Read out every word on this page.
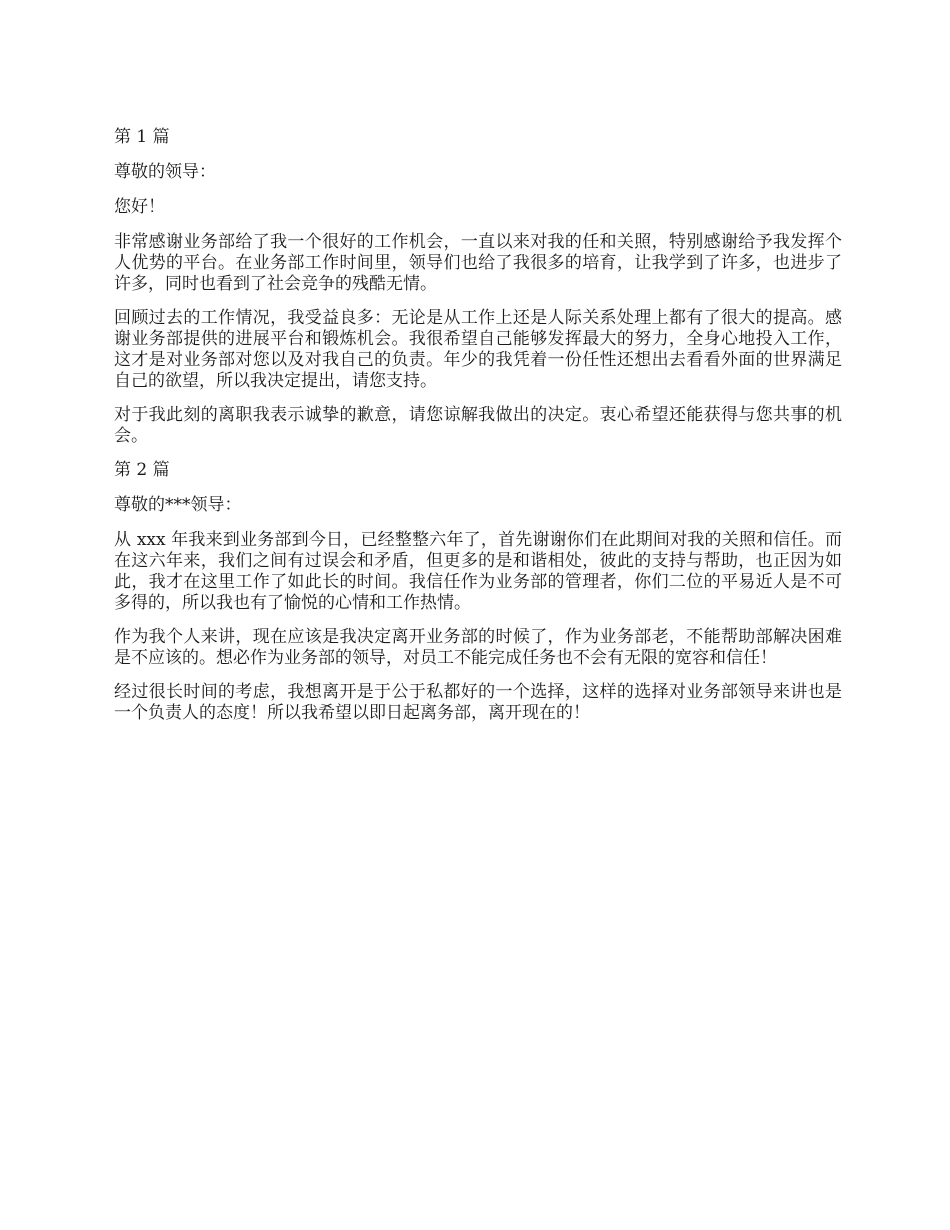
第 1 篇

尊敬的领导：

您好！

非常感谢业务部给了我一个很好的工作机会，一直以来对我的任和关照，特别感谢给予我发挥个人优势的平台。在业务部工作时间里，领导们也给了我很多的培育，让我学到了许多，也进步了许多，同时也看到了社会竞争的残酷无情。

回顾过去的工作情况，我受益良多：无论是从工作上还是人际关系处理上都有了很大的提高。感谢业务部提供的进展平台和锻炼机会。我很希望自己能够发挥最大的努力，全身心地投入工作，这才是对业务部对您以及对我自己的负责。年少的我凭着一份任性还想出去看看外面的世界满足自己的欲望，所以我决定提出，请您支持。

对于我此刻的离职我表示诚挚的歉意，请您谅解我做出的决定。衷心希望还能获得与您共事的机会。

第 2 篇

尊敬的***领导：

从 xxx 年我来到业务部到今日，已经整整六年了，首先谢谢你们在此期间对我的关照和信任。而在这六年来，我们之间有过误会和矛盾，但更多的是和谐相处，彼此的支持与帮助，也正因为如此，我才在这里工作了如此长的时间。我信任作为业务部的管理者，你们二位的平易近人是不可多得的，所以我也有了愉悦的心情和工作热情。

作为我个人来讲，现在应该是我决定离开业务部的时候了，作为业务部老，不能帮助部解决困难是不应该的。想必作为业务部的领导，对员工不能完成任务也不会有无限的宽容和信任！

经过很长时间的考虑，我想离开是于公于私都好的一个选择，这样的选择对业务部领导来讲也是一个负责人的态度！所以我希望以即日起离务部，离开现在的！
